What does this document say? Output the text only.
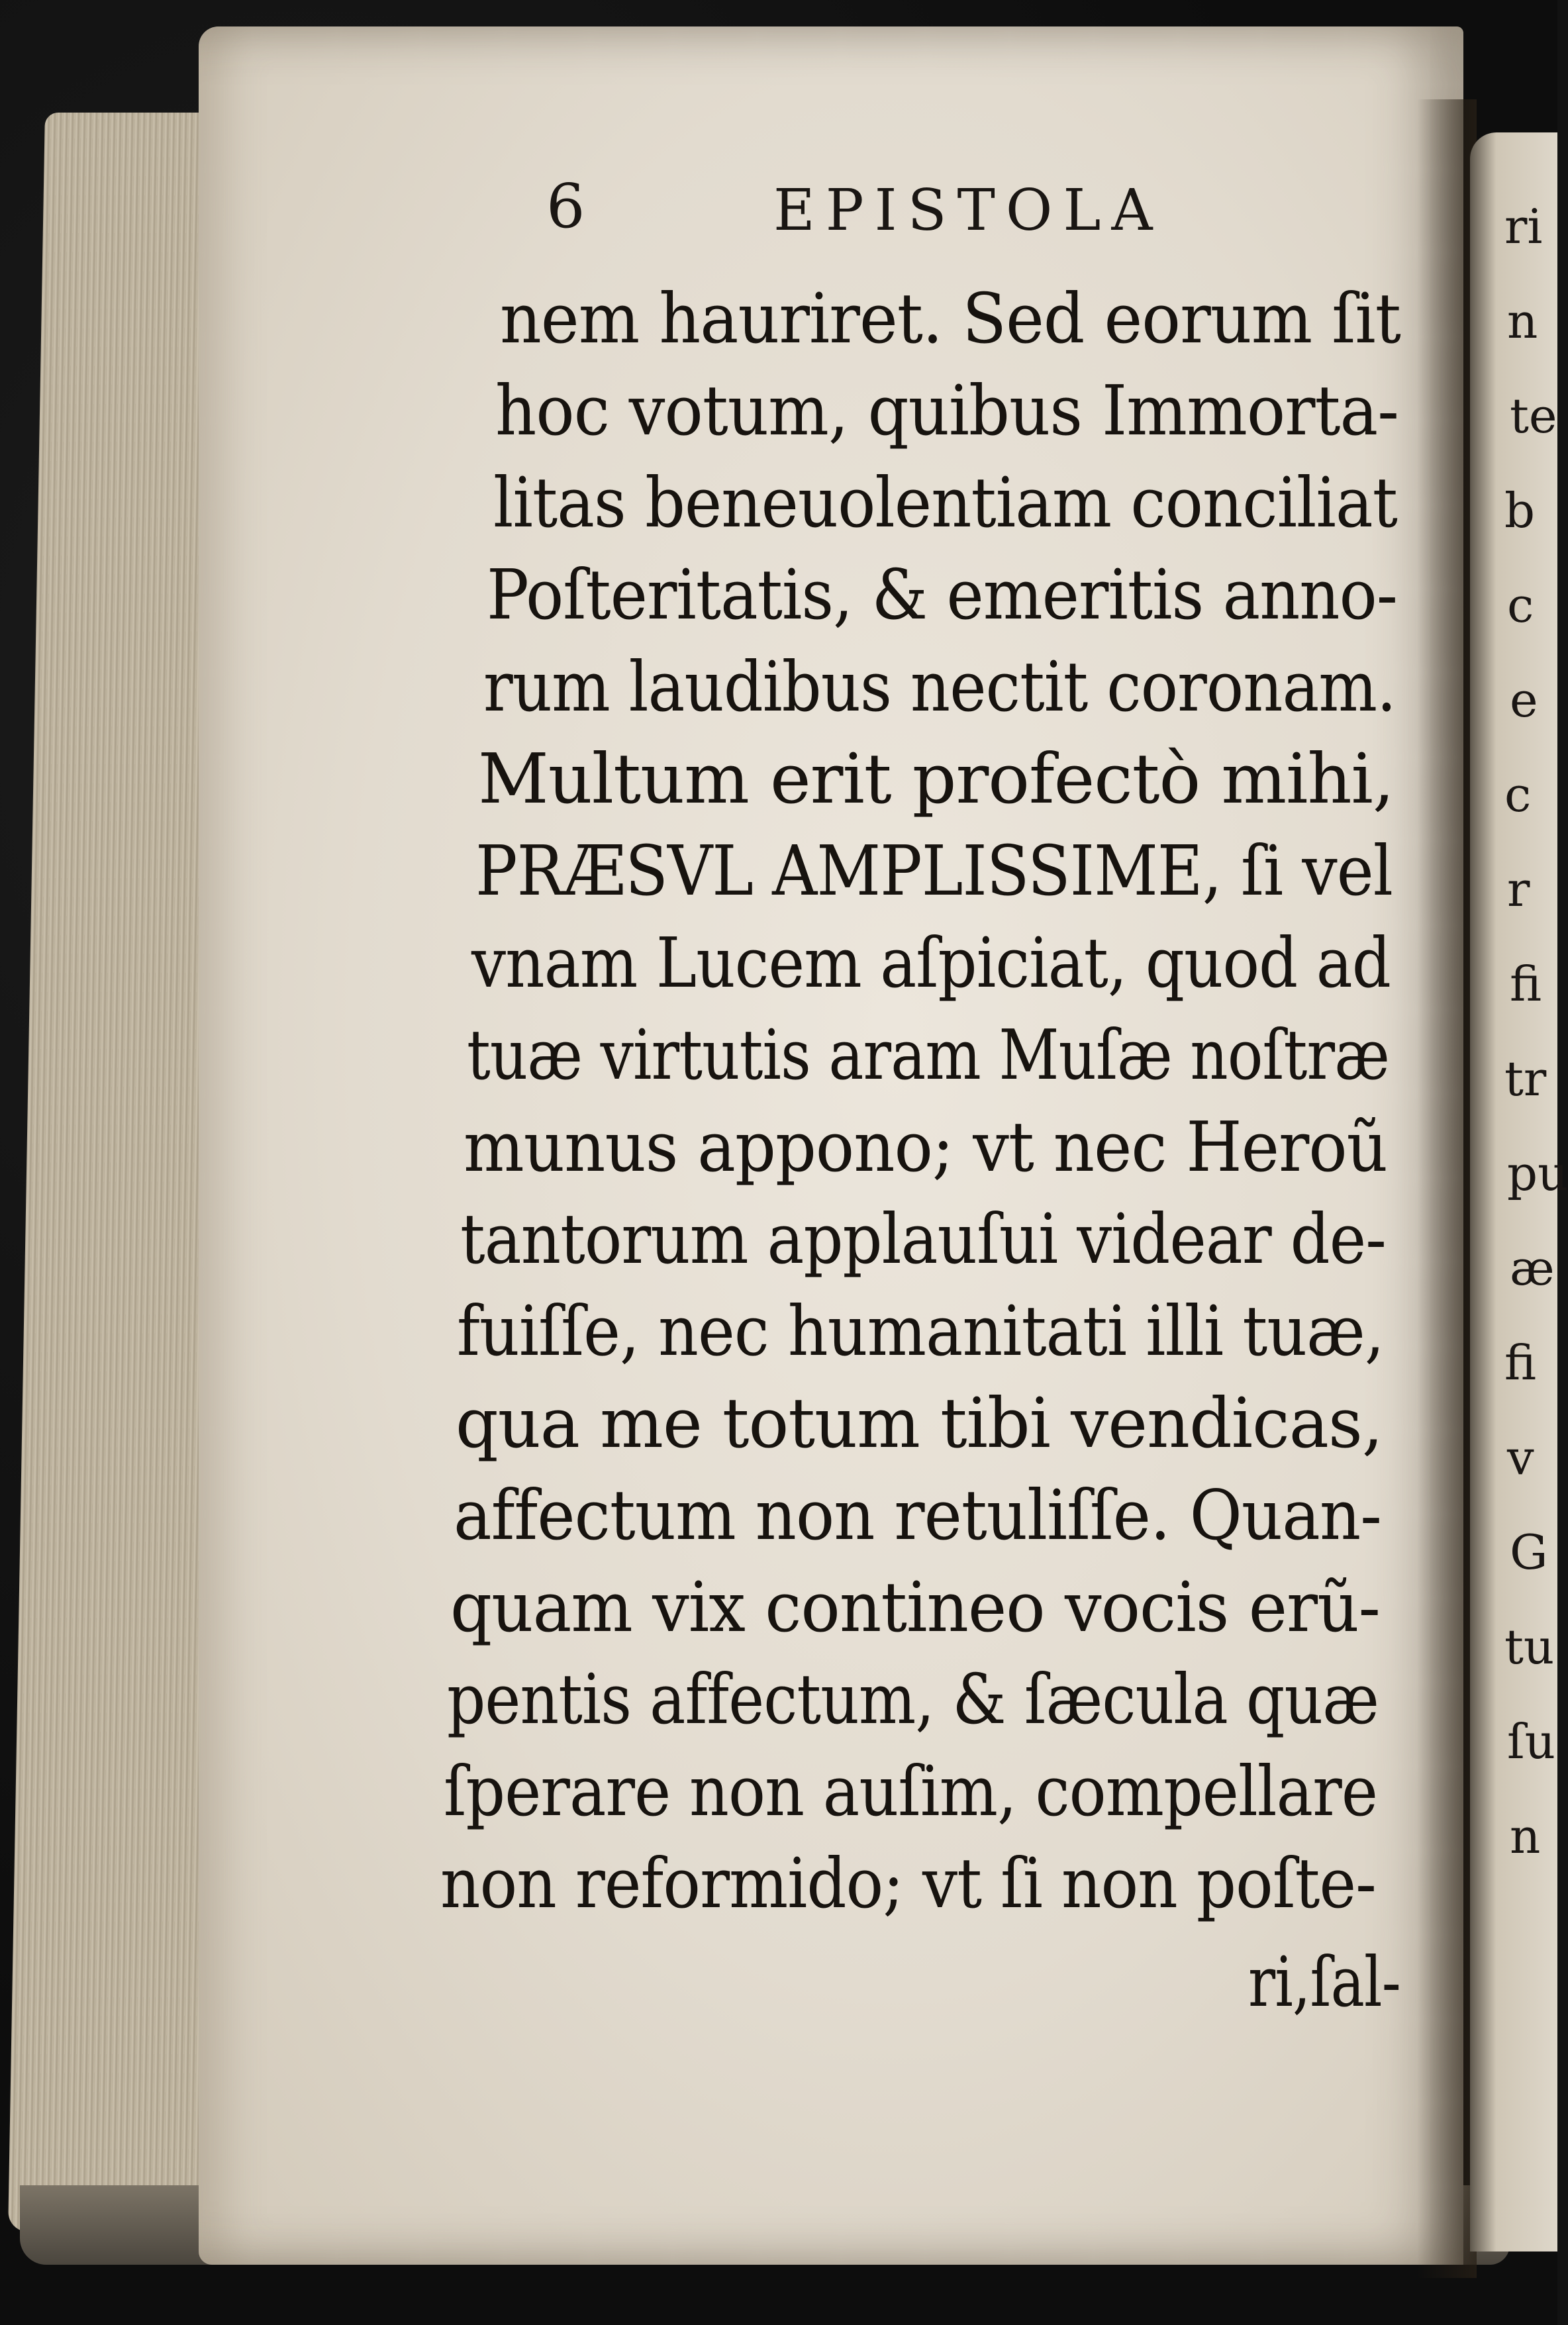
ri
n
te
b
c
e
c
r
fi
tr
pu
æ
fi
v
G
tu
ſu
n
6	EPISTOLA
nem hauriret. Sed eorum ſit
hoc votum, quibus Immorta-
litas beneuolentiam conciliat
Poſteritatis, & emeritis anno-
rum laudibus nectit coronam.
Multum erit profectò mihi,
PRÆSVL AMPLISSIME, ſi vel
vnam Lucem aſpiciat, quod ad
tuæ virtutis aram Muſæ noſtræ
munus appono; vt nec Heroũ
tantorum applauſui videar de-
fuiſſe, nec humanitati illi tuæ,
qua me totum tibi vendicas,
affectum non retuliſſe. Quan-
quam vix contineo vocis erũ-
pentis affectum, & ſæcula quæ
ſperare non auſim, compellare
non reformido; vt ſi non poſte-
ri,ſal-
